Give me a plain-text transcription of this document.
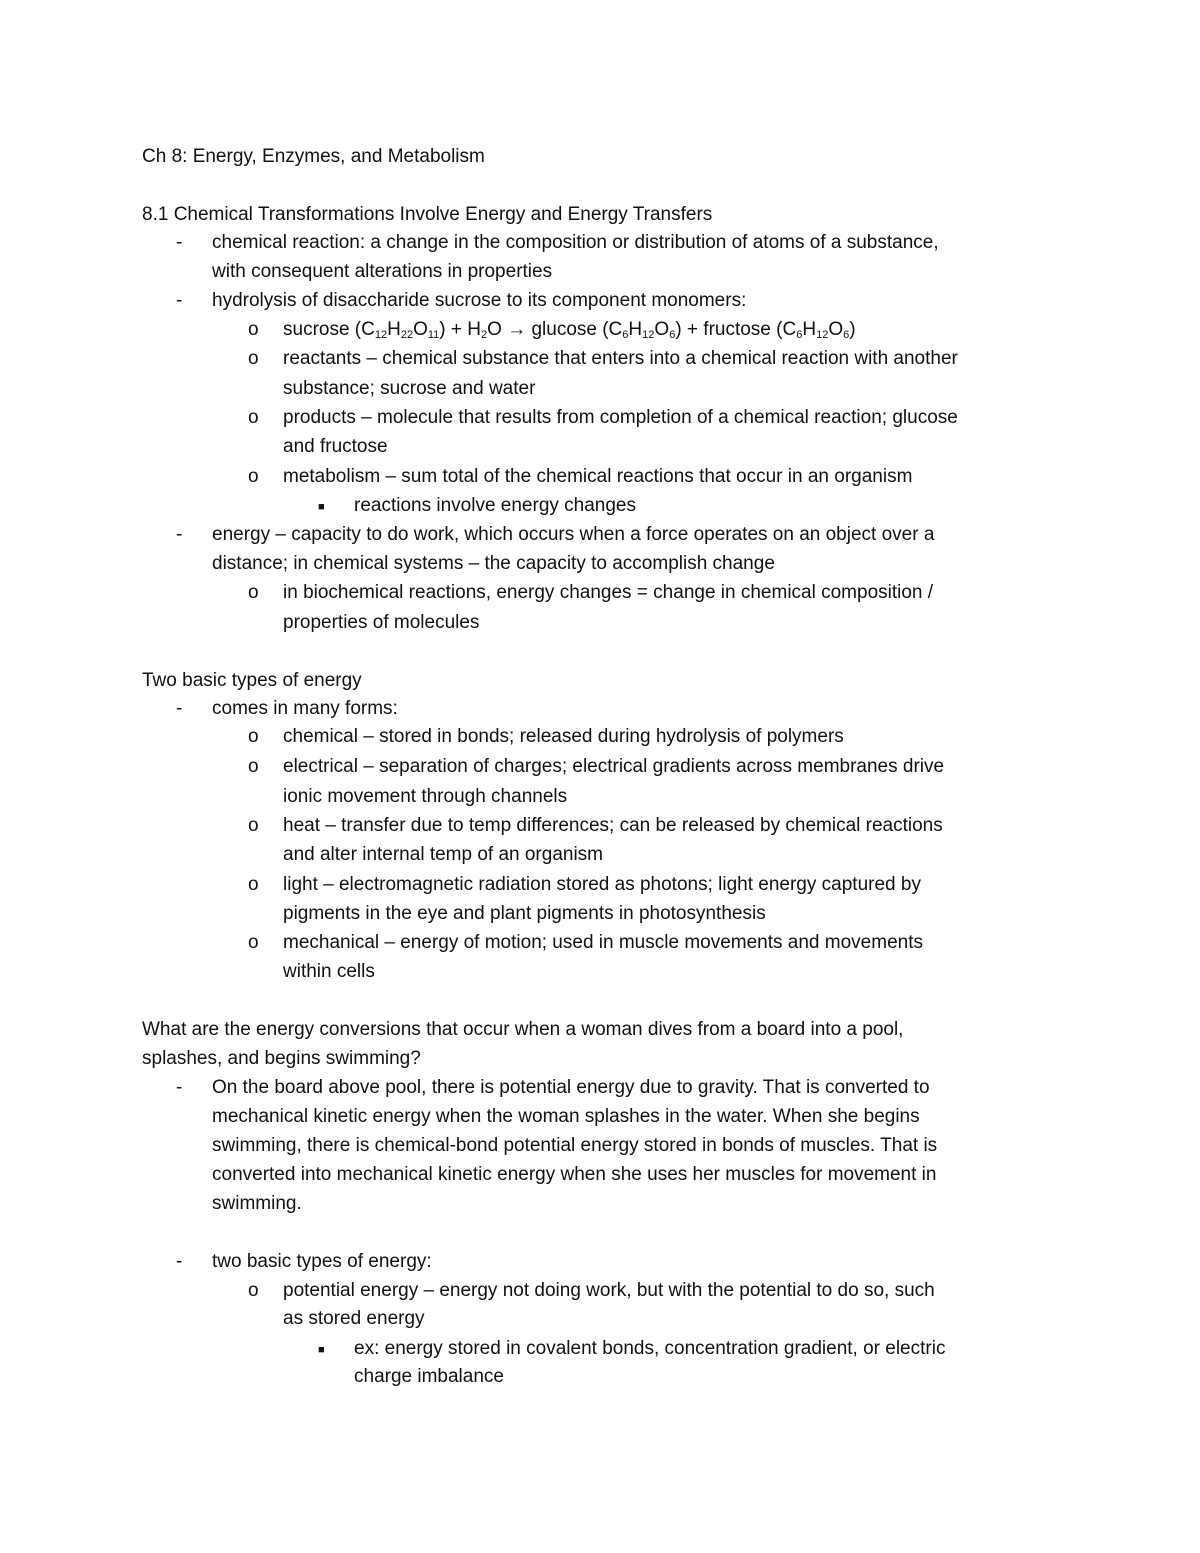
Ch 8: Energy, Enzymes, and Metabolism
8.1 Chemical Transformations Involve Energy and Energy Transfers
- chemical reaction: a change in the composition or distribution of atoms of a substance,
with consequent alterations in properties
- hydrolysis of disaccharide sucrose to its component monomers:
o sucrose $(C_{12}H_{22}O_{11}) + H_2O \to glucose$ $(C_6H_{12}O_6)$ + fructose $(C_6H_{12}O_6)$
o reactants – chemical substance that enters into a chemical reaction with another
substance; sucrose and water
o products – molecule that results from completion of a chemical reaction; glucose
and fructose
o metabolism – sum total of the chemical reactions that occur in an organism
■ reactions involve energy changes
- energy – capacity to do work, which occurs when a force operates on an object over a
distance; in chemical systems – the capacity to accomplish change
o in biochemical reactions, energy changes = change in chemical composition /
properties of molecules
Two basic types of energy
- comes in many forms:
o chemical – stored in bonds; released during hydrolysis of polymers
o electrical – separation of charges; electrical gradients across membranes drive
ionic movement through channels
o heat – transfer due to temp differences; can be released by chemical reactions
and alter internal temp of an organism
o light – electromagnetic radiation stored as photons; light energy captured by
pigments in the eye and plant pigments in photosynthesis
o mechanical – energy of motion; used in muscle movements and movements
within cells
What are the energy conversions that occur when a woman dives from a board into a pool,
splashes, and begins swimming?
- On the board above pool, there is potential energy due to gravity. That is converted to
mechanical kinetic energy when the woman splashes in the water. When she begins
swimming, there is chemical-bond potential energy stored in bonds of muscles. That is
converted into mechanical kinetic energy when she uses her muscles for movement in
swimming.
- two basic types of energy:
o potential energy – energy not doing work, but with the potential to do so, such
as stored energy
■ ex: energy stored in covalent bonds, concentration gradient, or electric
charge imbalance
